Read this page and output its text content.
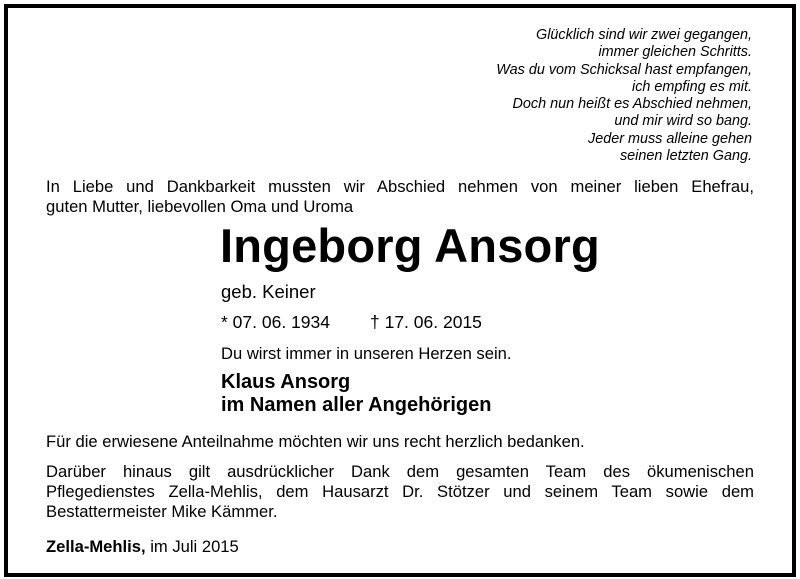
Glücklich sind wir zwei gegangen,
immer gleichen Schritts.
Was du vom Schicksal hast empfangen,
ich empfing es mit.
Doch nun heißt es Abschied nehmen,
und mir wird so bang.
Jeder muss alleine gehen
seinen letzten Gang.
In Liebe und Dankbarkeit mussten wir Abschied nehmen von meiner lieben Ehefrau,
guten Mutter, liebevollen Oma und Uroma
Ingeborg Ansorg
geb. Keiner
* 07. 06. 1934 † 17. 06. 2015
Du wirst immer in unseren Herzen sein.
Klaus Ansorg
im Namen aller Angehörigen
Für die erwiesene Anteilnahme möchten wir uns recht herzlich bedanken.
Darüber hinaus gilt ausdrücklicher Dank dem gesamten Team des ökumenischen
Pflegedienstes Zella-Mehlis, dem Hausarzt Dr. Stötzer und seinem Team sowie dem
Bestattermeister Mike Kämmer.
Zella-Mehlis, im Juli 2015
